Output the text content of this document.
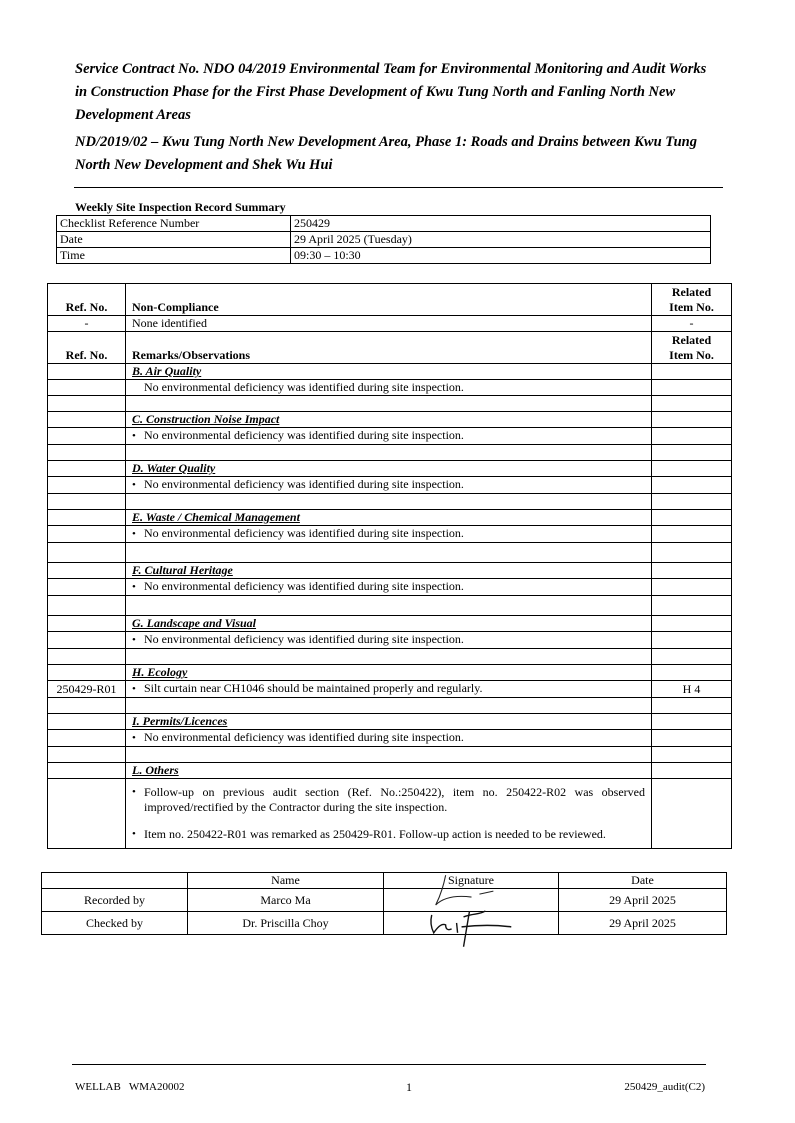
Service Contract No. NDO 04/2019 Environmental Team for Environmental Monitoring and Audit Works in Construction Phase for the First Phase Development of Kwu Tung North and Fanling North New Development Areas

ND/2019/02 – Kwu Tung North New Development Area, Phase 1: Roads and Drains between Kwu Tung North New Development and Shek Wu Hui

Weekly Site Inspection Record Summary
Checklist Reference Number	250429
Date	29 April 2025 (Tuesday)
Time	09:30 – 10:30
Ref. No.	Non-Compliance	Related
Item No.

-	None identified	-
Ref. No.	Remarks/Observations	Related
Item No.

	B. Air Quality	
	No environmental deficiency was identified during site inspection.	

	C. Construction Noise Impact	
	• No environmental deficiency was identified during site inspection.	

	D. Water Quality	
	• No environmental deficiency was identified during site inspection.	

	E. Waste / Chemical Management	
	• No environmental deficiency was identified during site inspection.	

	F. Cultural Heritage	
	• No environmental deficiency was identified during site inspection.	

	G. Landscape and Visual	
	• No environmental deficiency was identified during site inspection.	

	H. Ecology	
250429-R01	• Silt curtain near CH1046 should be maintained properly and regularly.	H 4

	I. Permits/Licences	
	• No environmental deficiency was identified during site inspection.	

	L. Others	

	• Follow-up on previous audit section (Ref. No.:250422), item no. 250422-R02 was observed improved/rectified by the Contractor during the site inspection.
• Item no. 250422-R01 was remarked as 250429-R01. Follow-up action is needed to be reviewed.	

	Name	Signature	Date
Recorded by	Marco Ma		29 April 2025
Checked by	Dr. Priscilla Choy		29 April 2025
WELLAB   WMA20002	1	250429_audit(C2)
